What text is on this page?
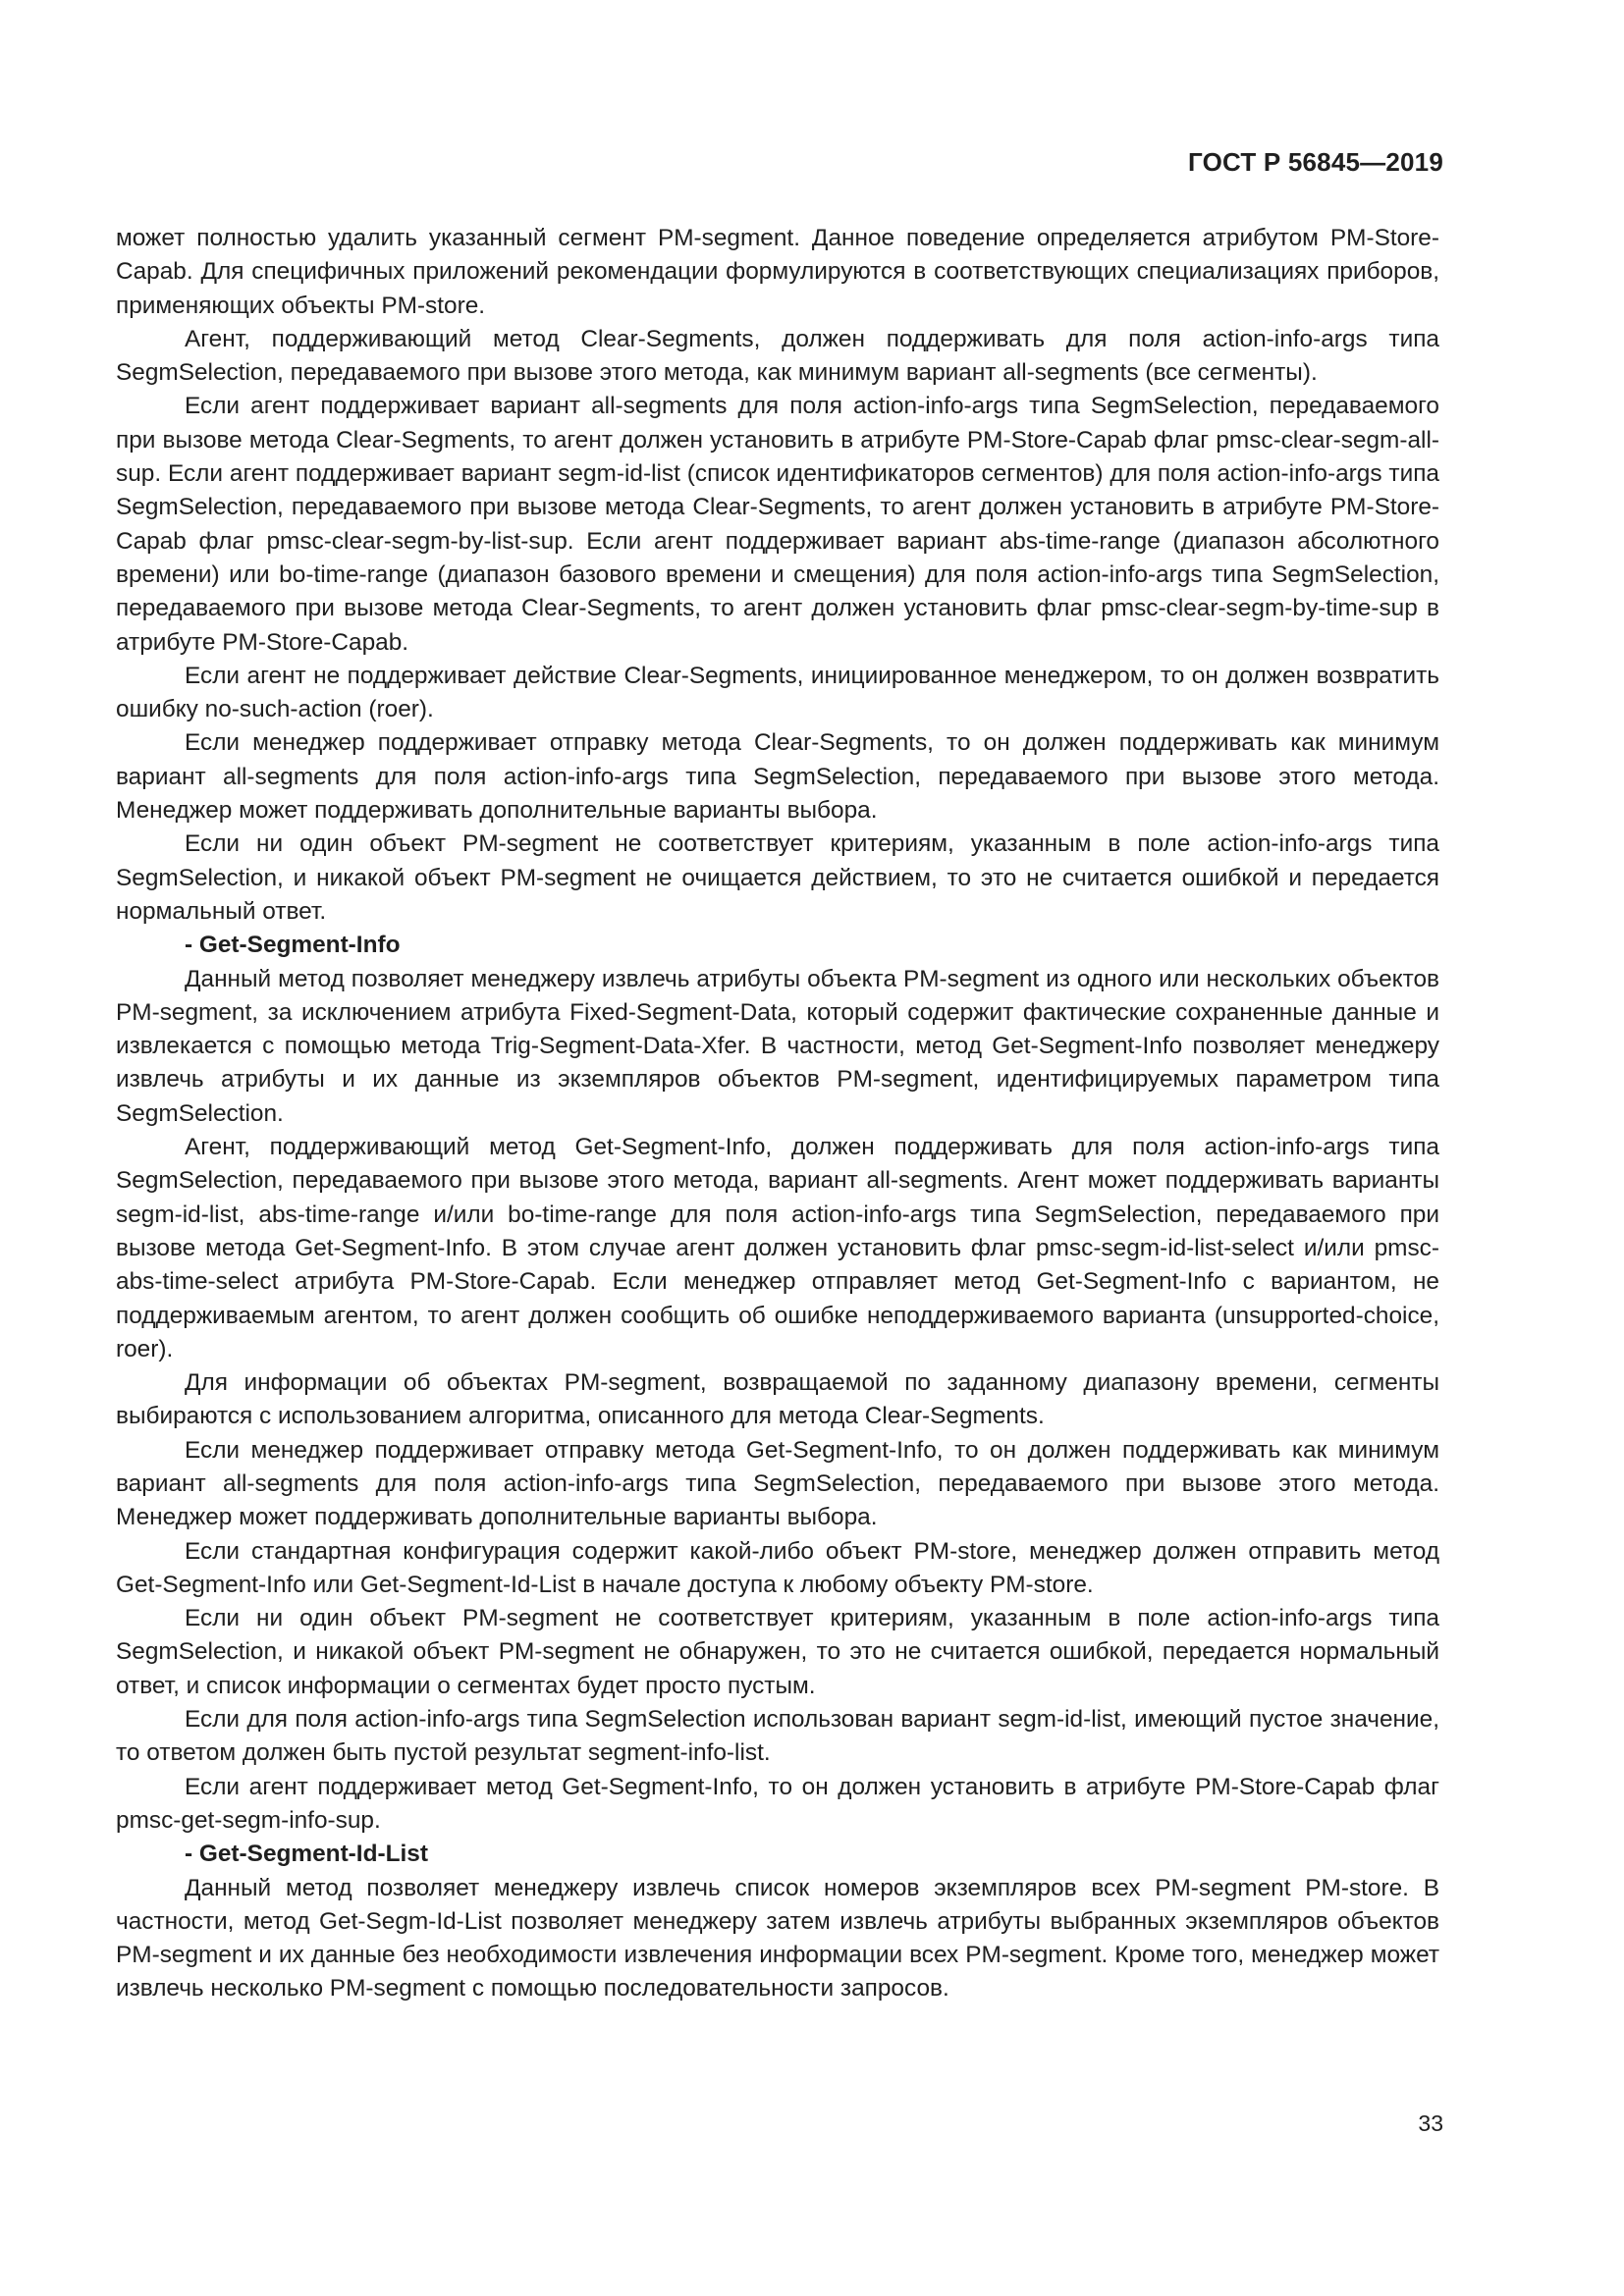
ГОСТ Р 56845—2019

может полностью удалить указанный сегмент PM-segment. Данное поведение определяется атрибутом PM-Store-Capab. Для специфичных приложений рекомендации формулируются в соответствующих специализациях приборов, применяющих объекты PM-store.

Агент, поддерживающий метод Clear-Segments, должен поддерживать для поля action-info-args типа SegmSelection, передаваемого при вызове этого метода, как минимум вариант all-segments (все сегменты).

Если агент поддерживает вариант all-segments для поля action-info-args типа SegmSelection, передаваемого при вызове метода Clear-Segments, то агент должен установить в атрибуте PM-Store-Capab флаг pmsc-clear-segm-all-sup. Если агент поддерживает вариант segm-id-list (список идентификаторов сегментов) для поля action-info-args типа SegmSelection, передаваемого при вызове метода Clear-Segments, то агент должен установить в атрибуте PM-Store-Capab флаг pmsc-clear-segm-by-list-sup. Если агент поддерживает вариант abs-time-range (диапазон абсолютного времени) или bo-time-range (диапазон базового времени и смещения) для поля action-info-args типа SegmSelection, передаваемого при вызове метода Clear-Segments, то агент должен установить флаг pmsc-clear-segm-by-time-sup в атрибуте PM-Store-Capab.

Если агент не поддерживает действие Clear-Segments, инициированное менеджером, то он должен возвратить ошибку no-such-action (roer).

Если менеджер поддерживает отправку метода Clear-Segments, то он должен поддерживать как минимум вариант all-segments для поля action-info-args типа SegmSelection, передаваемого при вызове этого метода. Менеджер может поддерживать дополнительные варианты выбора.

Если ни один объект PM-segment не соответствует критериям, указанным в поле action-info-args типа SegmSelection, и никакой объект PM-segment не очищается действием, то это не считается ошибкой и передается нормальный ответ.

- Get-Segment-Info

Данный метод позволяет менеджеру извлечь атрибуты объекта PM-segment из одного или нескольких объектов PM-segment, за исключением атрибута Fixed-Segment-Data, который содержит фактические сохраненные данные и извлекается с помощью метода Trig-Segment-Data-Xfer. В частности, метод Get-Segment-Info позволяет менеджеру извлечь атрибуты и их данные из экземпляров объектов PM-segment, идентифицируемых параметром типа SegmSelection.

Агент, поддерживающий метод Get-Segment-Info, должен поддерживать для поля action-info-args типа SegmSelection, передаваемого при вызове этого метода, вариант all-segments. Агент может поддерживать варианты segm-id-list, abs-time-range и/или bo-time-range для поля action-info-args типа SegmSelection, передаваемого при вызове метода Get-Segment-Info. В этом случае агент должен установить флаг pmsc-segm-id-list-select и/или pmsc-abs-time-select атрибута PM-Store-Capab. Если менеджер отправляет метод Get-Segment-Info с вариантом, не поддерживаемым агентом, то агент должен сообщить об ошибке неподдерживаемого варианта (unsupported-choice, roer).

Для информации об объектах PM-segment, возвращаемой по заданному диапазону времени, сегменты выбираются с использованием алгоритма, описанного для метода Clear-Segments.

Если менеджер поддерживает отправку метода Get-Segment-Info, то он должен поддерживать как минимум вариант all-segments для поля action-info-args типа SegmSelection, передаваемого при вызове этого метода. Менеджер может поддерживать дополнительные варианты выбора.

Если стандартная конфигурация содержит какой-либо объект PM-store, менеджер должен отправить метод Get-Segment-Info или Get-Segment-Id-List в начале доступа к любому объекту PM-store.

Если ни один объект PM-segment не соответствует критериям, указанным в поле action-info-args типа SegmSelection, и никакой объект PM-segment не обнаружен, то это не считается ошибкой, передается нормальный ответ, и список информации о сегментах будет просто пустым.

Если для поля action-info-args типа SegmSelection использован вариант segm-id-list, имеющий пустое значение, то ответом должен быть пустой результат segment-info-list.

Если агент поддерживает метод Get-Segment-Info, то он должен установить в атрибуте PM-Store-Capab флаг pmsc-get-segm-info-sup.

- Get-Segment-Id-List

Данный метод позволяет менеджеру извлечь список номеров экземпляров всех PM-segment PM-store. В частности, метод Get-Segm-Id-List позволяет менеджеру затем извлечь атрибуты выбранных экземпляров объектов PM-segment и их данные без необходимости извлечения информации всех PM-segment. Кроме того, менеджер может извлечь несколько PM-segment с помощью последовательности запросов.

33
